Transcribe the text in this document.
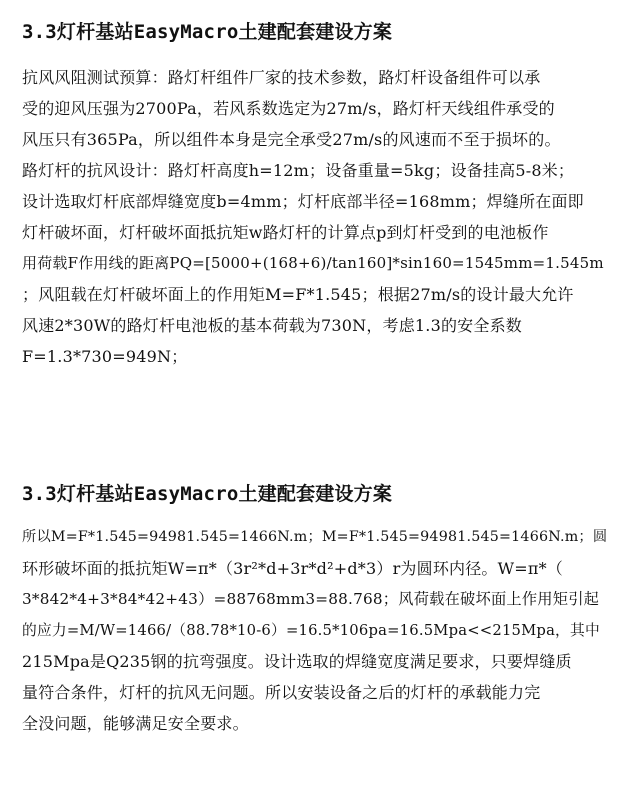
3.3灯杆基站EasyMacro土建配套建设方案
抗风风阻测试预算：路灯杆组件厂家的技术参数，路灯杆设备组件可以承
受的迎风压强为2700Pa，若风系数选定为27m/s，路灯杆天线组件承受的
风压只有365Pa，所以组件本身是完全承受27m/s的风速而不至于损坏的。
路灯杆的抗风设计：路灯杆高度h=12m；设备重量=5kg；设备挂高5-8米；
设计选取灯杆底部焊缝宽度b=4mm；灯杆底部半径=168mm；焊缝所在面即
灯杆破坏面，灯杆破坏面抵抗矩w路灯杆的计算点p到灯杆受到的电池板作
用荷载F作用线的距离PQ=[5000+(168+6)/tan160]*sin160=1545mm=1.545m
；风阻载在灯杆破坏面上的作用矩M=F*1.545；根据27m/s的设计最大允许
风速2*30W的路灯杆电池板的基本荷载为730N，考虑1.3的安全系数
F=1.3*730=949N；
3.3灯杆基站EasyMacro土建配套建设方案
所以M=F*1.545=94981.545=1466N.m；M=F*1.545=94981.545=1466N.m；圆
环形破坏面的抵抗矩W=π*（3r²*d+3r*d²+d*3）r为圆环内径。W=π*（
3*842*4+3*84*42+43）=88768mm3=88.768；风荷载在破坏面上作用矩引起
的应力=M/W=1466/（88.78*10-6）=16.5*106pa=16.5Mpa<<215Mpa，其中
215Mpa是Q235钢的抗弯强度。设计选取的焊缝宽度满足要求，只要焊缝质
量符合条件，灯杆的抗风无问题。所以安装设备之后的灯杆的承载能力完
全没问题，能够满足安全要求。
